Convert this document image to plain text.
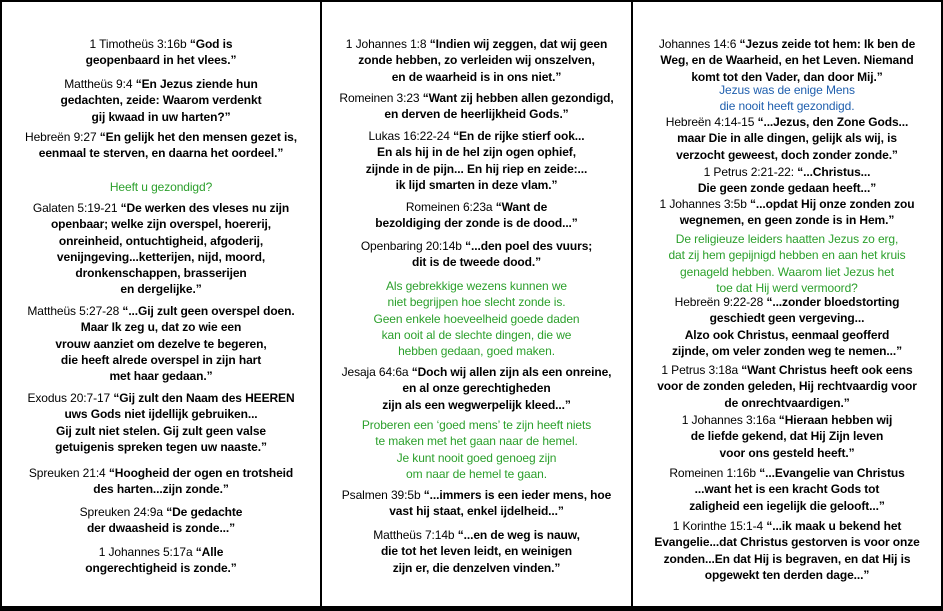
1 Timotheüs 3:16b “God is
geopenbaard in het vlees.”
Mattheüs 9:4 “En Jezus ziende hun
gedachten, zeide: Waarom verdenkt
gij kwaad in uw harten?”
Hebreën 9:27 “En gelijk het den mensen gezet is,
eenmaal te sterven, en daarna het oordeel.”
Heeft u gezondigd?
Galaten 5:19-21 “De werken des vleses nu zijn
openbaar; welke zijn overspel, hoererij,
onreinheid, ontuchtigheid, afgoderij,
venijngeving...ketterijen, nijd, moord,
dronkenschappen, brasserijen
en dergelijke.”
Mattheüs 5:27-28 “...Gij zult geen overspel doen.
Maar Ik zeg u, dat zo wie een
vrouw aanziet om dezelve te begeren,
die heeft alrede overspel in zijn hart
met haar gedaan.”
Exodus 20:7-17 “Gij zult den Naam des HEEREN
uws Gods niet ijdellijk gebruiken...
Gij zult niet stelen. Gij zult geen valse
getuigenis spreken tegen uw naaste.”
Spreuken 21:4 “Hoogheid der ogen en trotsheid
des harten...zijn zonde.”
Spreuken 24:9a “De gedachte
der dwaasheid is zonde...”
1 Johannes 5:17a “Alle
ongerechtigheid is zonde.”
1 Johannes 1:8 “Indien wij zeggen, dat wij geen
zonde hebben, zo verleiden wij onszelven,
en de waarheid is in ons niet.”
Romeinen 3:23 “Want zij hebben allen gezondigd,
en derven de heerlijkheid Gods.”
Lukas 16:22-24 “En de rijke stierf ook...
En als hij in de hel zijn ogen ophief,
zijnde in de pijn... En hij riep en zeide:...
ik lijd smarten in deze vlam.”
Romeinen 6:23a “Want de
bezoldiging der zonde is de dood...”
Openbaring 20:14b “...den poel des vuurs;
dit is de tweede dood.”
Als gebrekkige wezens kunnen we
niet begrijpen hoe slecht zonde is.
Geen enkele hoeveelheid goede daden
kan ooit al de slechte dingen, die we
hebben gedaan, goed maken.
Jesaja 64:6a “Doch wij allen zijn als een onreine,
en al onze gerechtigheden
zijn als een wegwerpelijk kleed...”
Proberen een ‘goed mens’ te zijn heeft niets
te maken met het gaan naar de hemel.
Je kunt nooit goed genoeg zijn
om naar de hemel te gaan.
Psalmen 39:5b “...immers is een ieder mens, hoe
vast hij staat, enkel ijdelheid...”
Mattheüs 7:14b “...en de weg is nauw,
die tot het leven leidt, en weinigen
zijn er, die denzelven vinden.”
Johannes 14:6 “Jezus zeide tot hem: Ik ben de
Weg, en de Waarheid, en het Leven. Niemand
komt tot den Vader, dan door Mij.”
Jezus was de enige Mens
die nooit heeft gezondigd.
Hebreën 4:14-15 “...Jezus, den Zone Gods...
maar Die in alle dingen, gelijk als wij, is
verzocht geweest, doch zonder zonde.”
1 Petrus 2:21-22: “...Christus...
Die geen zonde gedaan heeft...”
1 Johannes 3:5b “...opdat Hij onze zonden zou
wegnemen, en geen zonde is in Hem.”
De religieuze leiders haatten Jezus zo erg,
dat zij hem gepijnigd hebben en aan het kruis
genageld hebben. Waarom liet Jezus het
toe dat Hij werd vermoord?
Hebreën 9:22-28 “...zonder bloedstorting
geschiedt geen vergeving...
Alzo ook Christus, eenmaal geofferd
zijnde, om veler zonden weg te nemen...”
1 Petrus 3:18a “Want Christus heeft ook eens
voor de zonden geleden, Hij rechtvaardig voor
de onrechtvaardigen.”
1 Johannes 3:16a “Hieraan hebben wij
de liefde gekend, dat Hij Zijn leven
voor ons gesteld heeft.”
Romeinen 1:16b “...Evangelie van Christus
...want het is een kracht Gods tot
zaligheid een iegelijk die gelooft...”
1 Korinthe 15:1-4 “...ik maak u bekend het
Evangelie...dat Christus gestorven is voor onze
zonden...En dat Hij is begraven, en dat Hij is
opgewekt ten derden dage...”
